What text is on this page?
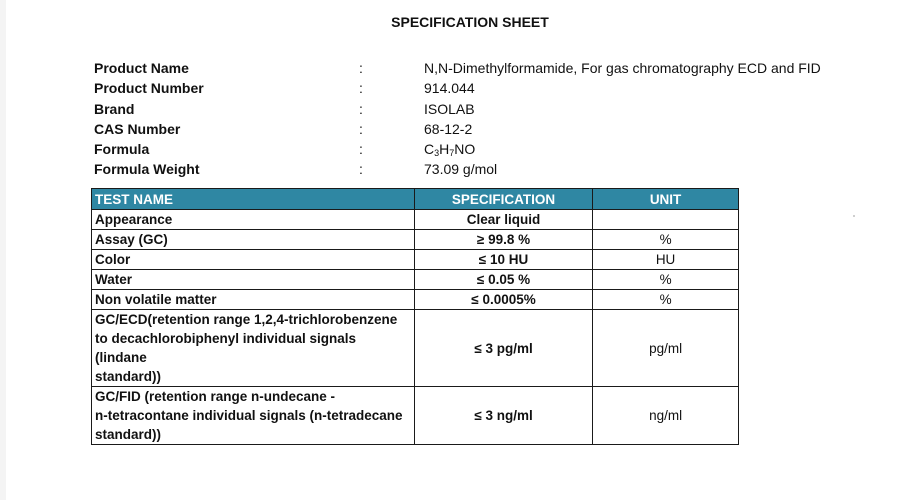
SPECIFICATION SHEET
Product Name	:	N,N-Dimethylformamide, For gas chromatography ECD and FID
Product Number	:	914.044
Brand	:	ISOLAB
CAS Number	:	68-12-2
Formula	:	$C_3H_7NO$
Formula Weight	:	73.09 g/mol
TEST NAME	SPECIFICATION	UNIT
Appearance	Clear liquid	
Assay (GC)	≥ 99.8 %	%
Color	≤ 10 HU	HU
Water	≤ 0.05 %	%
Non volatile matter	≤ 0.0005%	%

GC/ECD(retention range 1,2,4-trichlorobenzene
to decachlorobiphenyl individual signals (lindane
standard))	≤ 3 pg/ml	pg/ml

GC/FID (retention range n-undecane -
n-tetracontane individual signals (n-tetradecane
standard))	≤ 3 ng/ml	ng/ml
